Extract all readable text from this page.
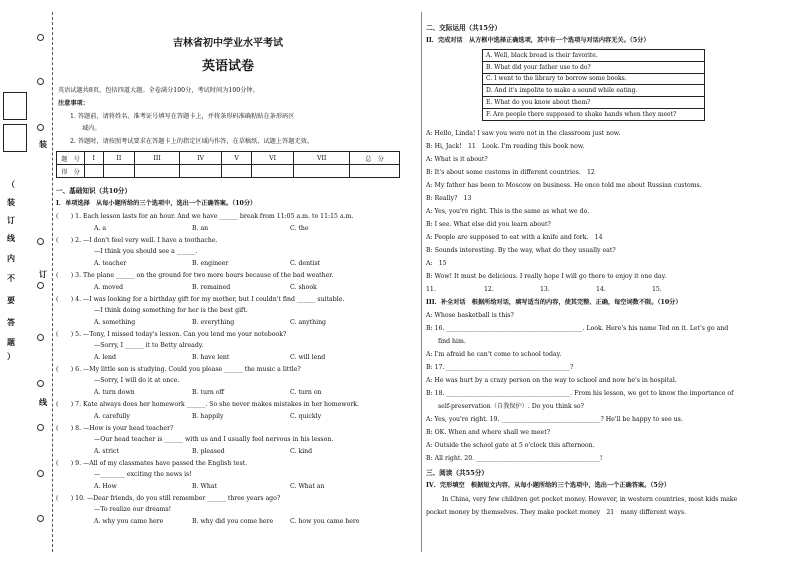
（
装
订
线
内
不
要
答
题
）
装
订
线
吉林省初中学业水平考试
英语试卷
英语试题共8页，包括四道大题。全卷满分100分，考试时间为100分钟。
注意事项：
1. 答题前，请将姓名、准考证号填写在答题卡上，并将条形码准确粘贴在条形码区
域内。
2. 答题时，请按照考试要求在答题卡上的指定区域内作答，在草稿纸、试题上答题无效。
题　号	I	II	III	IV	V	VI	VII	总　分
得　分								
一、基础知识（共10分）
I．单项选择　从每小题所给的三个选项中，选出一个正确答案。（10分）
(　　) 1. Each lesson lasts for an hour. And we have ______ break from 11:05 a.m. to 11:15 a.m.
A. a	B. an	C. the
(　　) 2. —I don't feel very well. I have a toothache.
—I think you should see a ______.
A. teacher	B. engineer	C. dentist
(　　) 3. The plane ______ on the ground for two more hours because of the bad weather.
A. moved	B. remained	C. shook
(　　) 4. —I was looking for a birthday gift for my mother, but I couldn't find ______ suitable.
—I think doing something for her is the best gift.
A. something	B. everything	C. anything
(　　) 5. —Tony, I missed today's lesson. Can you lend me your notebook?
—Sorry, I ______ it to Betty already.
A. lend	B. have lent	C. will lend
(　　) 6. —My little son is studying. Could you please ______ the music a little?
—Sorry, I will do it at once.
A. turn down	B. turn off	C. turn on
(　　) 7. Kate always does her homework ______. So she never makes mistakes in her homework.
A. carefully	B. happily	C. quickly
(　　) 8. —How is your head teacher?
—Our head teacher is ______ with us and I usually feel nervous in his lesson.
A. strict	B. pleased	C. kind
(　　) 9. —All of my classmates have passed the English test.
—________ exciting the news is!
A. How	B. What	C. What an
(　　) 10. —Dear friends, do you still remember ______ three years ago?
—To realize our dreams!
A. why you came here	B. why did you come here	C. how you came here
二、交际运用（共15分）
II．完成对话　从方框中选择正确选项，其中有一个选项与对话内容无关。（5分）
A. Well, black bread is their favorite.
B. What did your father use to do?
C. I went to the library to borrow some books.
D. And it's impolite to make a sound while eating.
E. What do you know about them?
F. Are people there supposed to shake hands when they meet?
A: Hello, Linda! I saw you were not in the classroom just now.
B: Hi, Jack!　11　Look. I'm reading this book now.
A: What is it about?
B: It's about some customs in different countries.　12　
A: My father has been to Moscow on business. He once told me about Russian customs.
B: Really?　13　
A: Yes, you're right. This is the same as what we do.
B: I see. What else did you learn about?
A: People are supposed to eat with a knife and fork.　14　
B: Sounds interesting. By the way, what do they usually eat?
A:　15　
B: Wow! It must be delicious. I really hope I will go there to enjoy it one day.
11.	12.	13.	14.	15.
III．补全对话　根据所给对话，填写适当的内容，使其完整、正确，每空词数不限。（10分）
A: Whose basketball is this?
B: 16. ____________________________________________. Look. Here's his name Ted on it. Let's go and
find him.
A: I'm afraid he can't come to school today.
B: 17. ________________________________________?
A: He was hurt by a crazy person on the way to school and now he's in hospital.
B: 18. ________________________________________. From his lesson, we get to know the importance of
self-preservation（自我保护）. Do you think so?
A: Yes, you're right. 19. ________________________________? He'll be happy to see us.
B: OK. When and where shall we meet?
A: Outside the school gate at 5 o'clock this afternoon.
B: All right. 20. ________________________________________!
三、阅读（共55分）
IV．完形填空　根据短文内容，从每小题所给的三个选项中，选出一个正确答案。（5分）
In China, very few children get pocket money. However, in western countries, most kids make
pocket money by themselves. They make pocket money　21　many different ways.
